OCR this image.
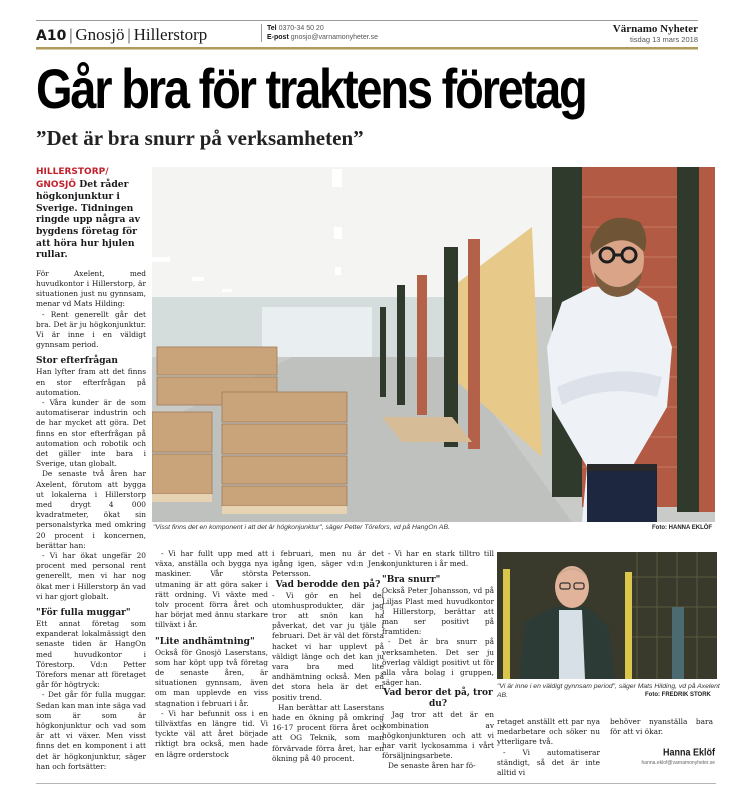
A10 | Gnosjö | Hillerstorp	Tel 0370-34 50 20
E-post gnosjo@varnamonyheter.se
Värnamo Nyheter
tisdag 13 mars 2018
Går bra för traktens företag
”Det är bra snurr på verksamheten”
HILLERSTORP/ GNOSJÖ Det råder högkonjunktur i Sverige. Tidningen ringde upp några av bygdens företag för att höra hur hjulen rullar.

För Axelent, med huvudkontor i Hillerstorp, är situationen just nu gynnsam, menar vd Mats Hilding:

- Rent generellt går det bra. Det är ju högkonjunktur. Vi är inne i en väldigt gynnsam period.

Stor efterfrågan

Han lyfter fram att det finns en stor efterfrågan på automation.

- Våra kunder är de som automatiserar industrin och de har mycket att göra. Det finns en stor efterfrågan på automation och robotik och det gäller inte bara i Sverige, utan globalt.

De senaste två åren har Axelent, förutom att bygga ut lokalerna i Hillerstorp med drygt 4 000 kvadratmeter, ökat sin personalstyrka med omkring 20 procent i koncernen, berättar han:

- Vi har ökat ungefär 20 procent med personal rent generellt, men vi har nog ökat mer i Hillerstorp än vad vi har gjort globalt.

"För fulla muggar"

Ett annat företag som expanderat lokalmässigt den senaste tiden är HangOn med huvudkontor i Törestorp. Vd:n Petter Törefors menar att företaget går för högtryck:

- Det går för fulla muggar. Sedan kan man inte säga vad som är som är högkonjunktur och vad som är att vi växer. Men visst finns det en komponent i att det är högkonjunktur, säger han och fortsätter:

"Visst finns det en komponent i att det är högkonjunktur", säger Petter Törefors, vd på HangOn AB.	Foto: HANNA EKLÖF

- Vi har fullt upp med att växa, anställa och bygga nya maskiner. Vår största utmaning är att göra saker i rätt ordning. Vi växte med tolv procent förra året och har börjat med ännu starkare tillväxt i år.

"Lite andhämtning"

Också för Gnosjö Laserstans, som har köpt upp två företag de senaste åren, är situationen gynnsam, även om man upplevde en viss stagnation i februari i år.

- Vi har befunnit oss i en tillväxtfas en längre tid. Vi tyckte väl att året började riktigt bra också, men hade en lägre orderstock

i februari, men nu är det igång igen, säger vd:n Jens Petersson.

Vad berodde den på?

- Vi gör en hel del utomhusprodukter, där jag tror att snön kan ha påverkat, det var ju tjäle i februari. Det är väl det första hacket vi har upplevt på väldigt länge och det kan ju vara bra med lite andhämtning också. Men på det stora hela är det en positiv trend.

Han berättar att Laserstans hade en ökning på omkring 16-17 procent förra året och att OG Teknik, som man förvärvade förra året, har en ökning på 40 procent.

- Vi har en stark tilltro till konjunkturen i år med.

"Bra snurr"

Också Peter Johansson, vd på Liljas Plast med huvudkontor i Hillerstorp, berättar att man ser positivt på framtiden:

- Det är bra snurr på verksamheten. Det ser ju överlag väldigt positivt ut för alla våra bolag i gruppen, säger han.

Vad beror det på, tror du?

- Jag tror att det är en kombination av högkonjunkturen och att vi har varit lyckosamma i vårt försäljningsarbete.

De senaste åren har fö-

"Vi är inne i en väldigt gynnsam period", säger Mats Hilding, vd på Axelent AB.	Foto: FREDRIK STORK

retaget anställt ett par nya medarbetare och söker nu ytterligare två.

- Vi automatiserar ständigt, så det är inte alltid vi

behöver nyanställa bara för att vi ökar.

Hanna Eklöf
hanna.eklof@varnamonyheter.se
